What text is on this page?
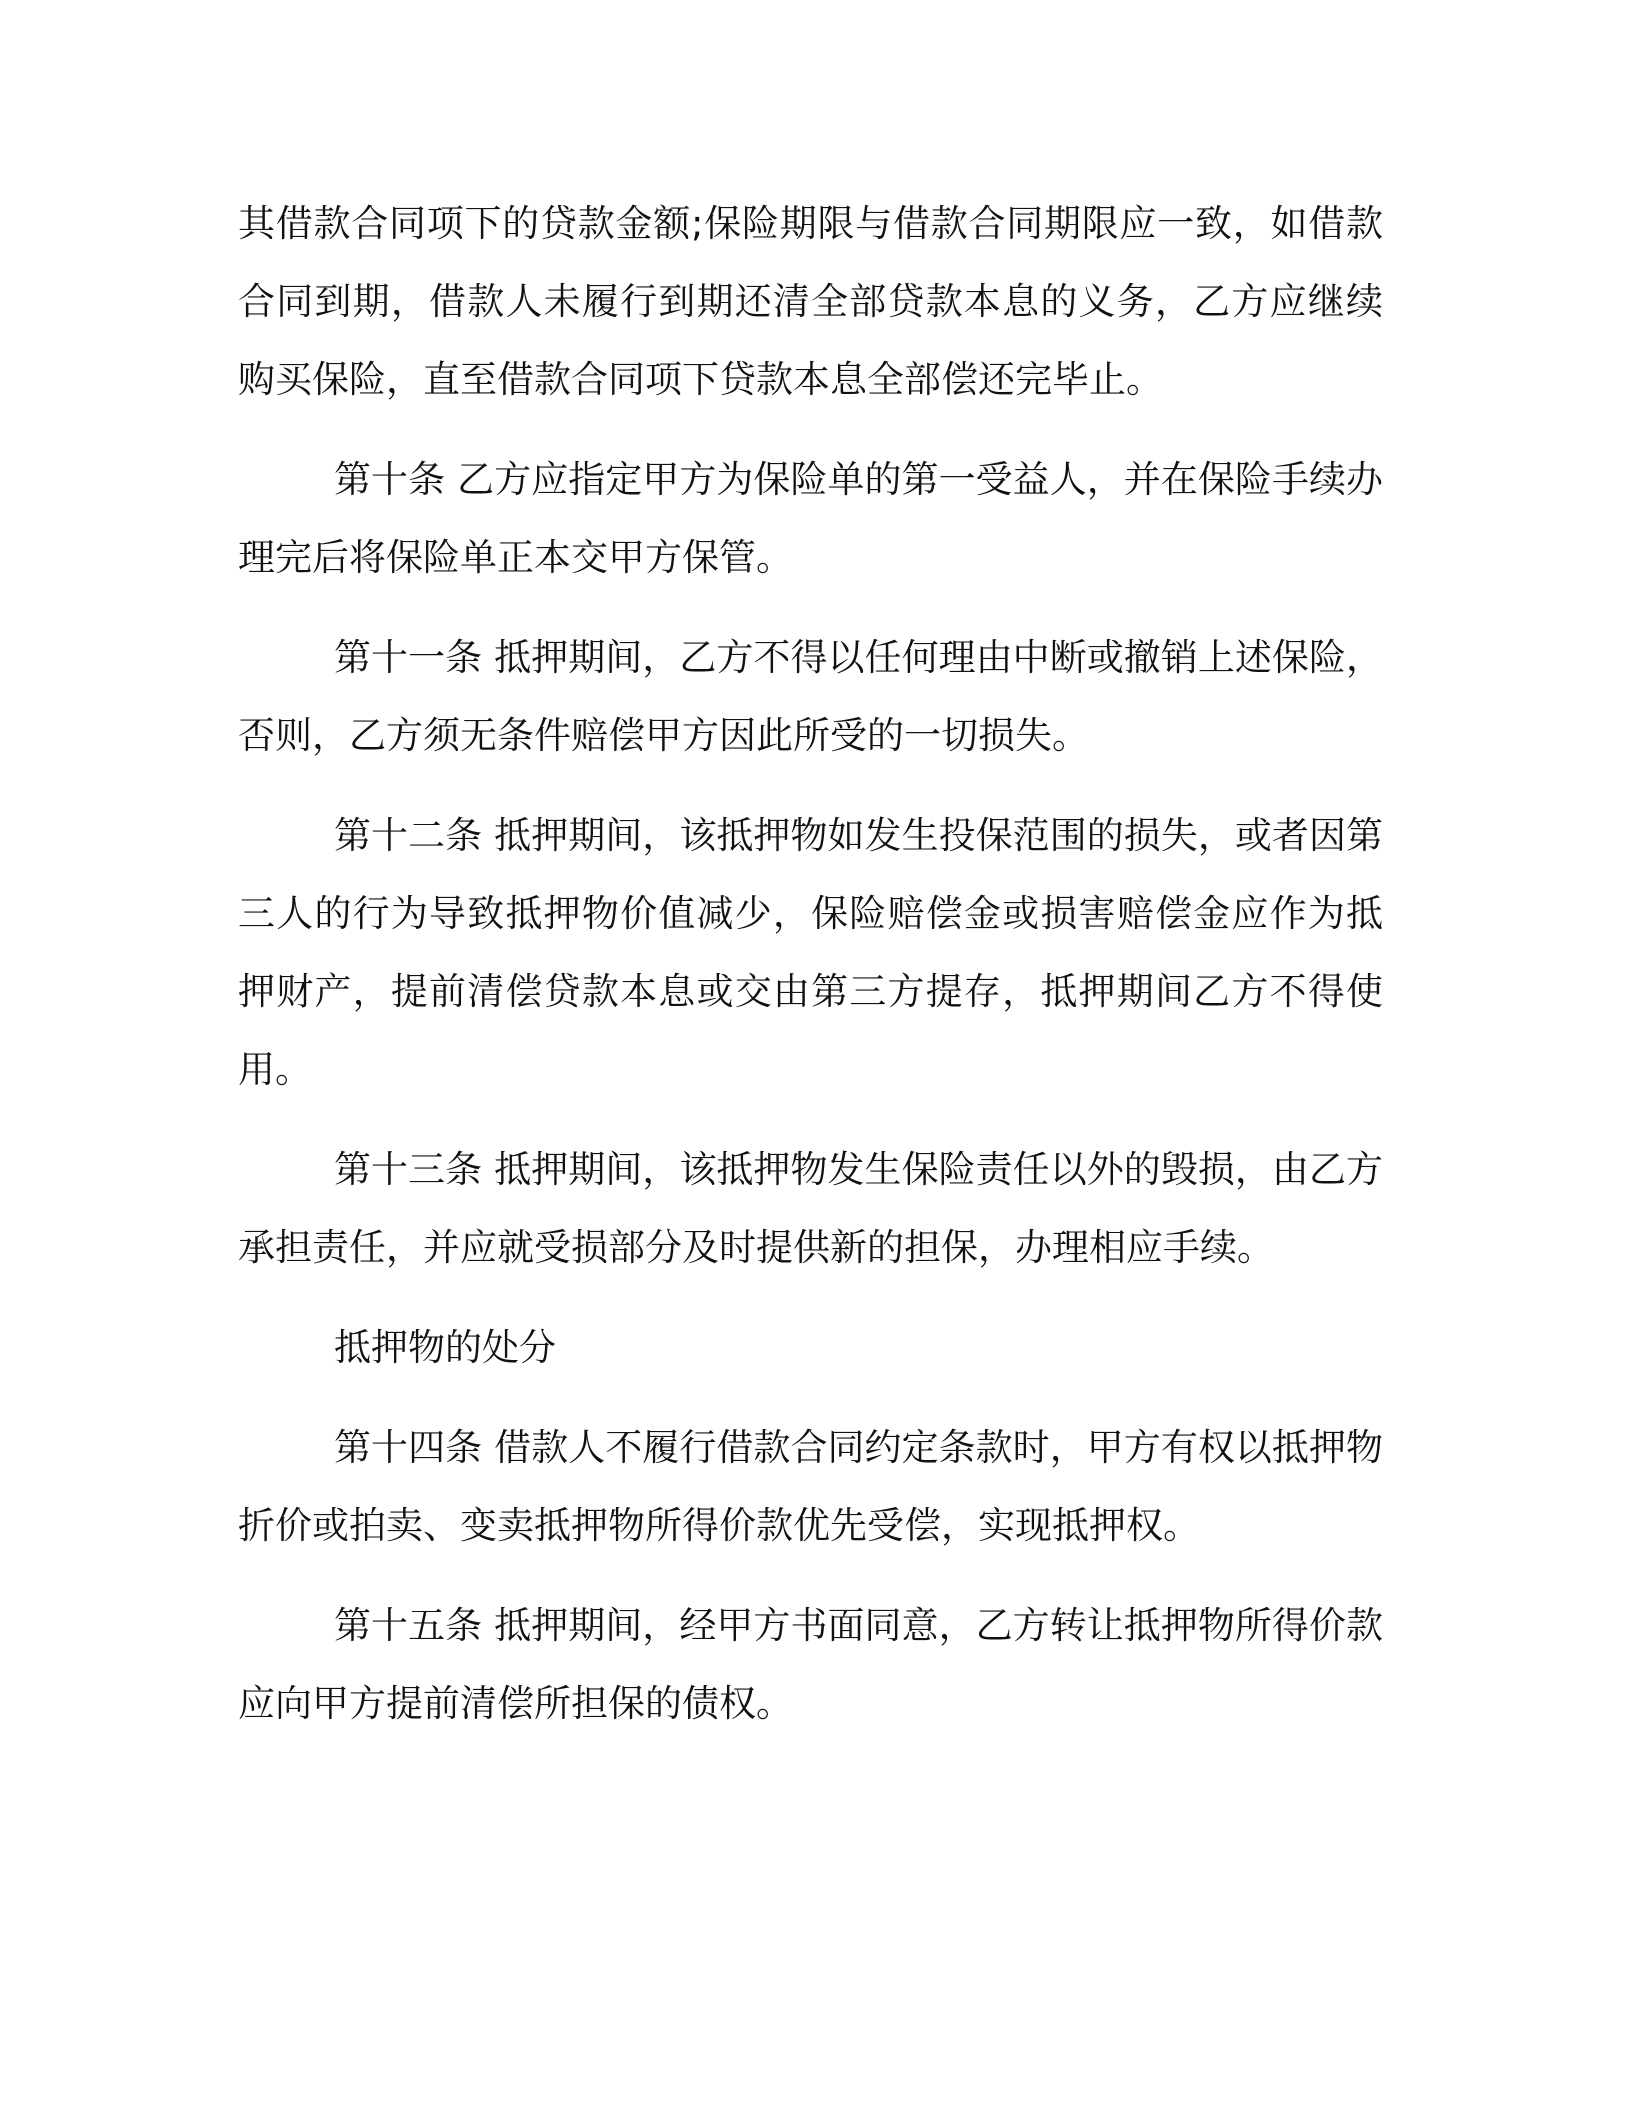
其借款合同项下的贷款金额;保险期限与借款合同期限应一致，如借款合同到期，借款人未履行到期还清全部贷款本息的义务，乙方应继续购买保险，直至借款合同项下贷款本息全部偿还完毕止。

第十条 乙方应指定甲方为保险单的第一受益人，并在保险手续办理完后将保险单正本交甲方保管。

第十一条 抵押期间，乙方不得以任何理由中断或撤销上述保险，否则，乙方须无条件赔偿甲方因此所受的一切损失。

第十二条 抵押期间，该抵押物如发生投保范围的损失，或者因第三人的行为导致抵押物价值减少，保险赔偿金或损害赔偿金应作为抵押财产，提前清偿贷款本息或交由第三方提存，抵押期间乙方不得使用。

第十三条 抵押期间，该抵押物发生保险责任以外的毁损，由乙方承担责任，并应就受损部分及时提供新的担保，办理相应手续。

抵押物的处分

第十四条 借款人不履行借款合同约定条款时，甲方有权以抵押物折价或拍卖、变卖抵押物所得价款优先受偿，实现抵押权。

第十五条 抵押期间，经甲方书面同意，乙方转让抵押物所得价款应向甲方提前清偿所担保的债权。
